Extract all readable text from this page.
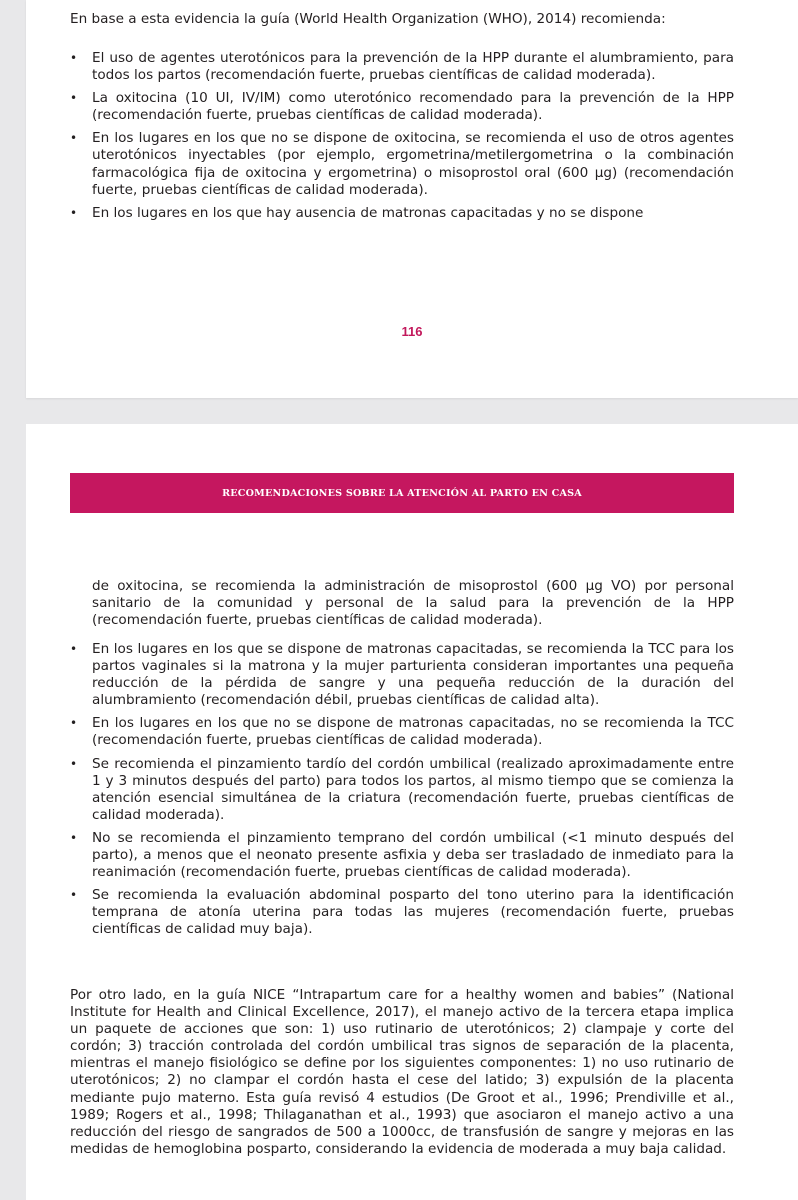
En base a esta evidencia la guía (World Health Organization (WHO), 2014) recomienda:
• El uso de agentes uterotónicos para la prevención de la HPP durante el alumbramiento, para todos los partos (recomendación fuerte, pruebas científicas de calidad moderada).
• La oxitocina (10 UI, IV/IM) como uterotónico recomendado para la prevención de la HPP (recomendación fuerte, pruebas científicas de calidad moderada).
• En los lugares en los que no se dispone de oxitocina, se recomienda el uso de otros agentes uterotónicos inyectables (por ejemplo, ergometrina/metilergometrina o la combinación farmacológica fija de oxitocina y ergometrina) o misoprostol oral (600 µg) (recomendación fuerte, pruebas científicas de calidad moderada).
• En los lugares en los que hay ausencia de matronas capacitadas y no se dispone
116
RECOMENDACIONES SOBRE LA ATENCIÓN AL PARTO EN CASA
de oxitocina, se recomienda la administración de misoprostol (600 µg VO) por personal sanitario de la comunidad y personal de la salud para la prevención de la HPP (recomendación fuerte, pruebas científicas de calidad moderada).
• En los lugares en los que se dispone de matronas capacitadas, se recomienda la TCC para los partos vaginales si la matrona y la mujer parturienta consideran importantes una pequeña reducción de la pérdida de sangre y una pequeña reducción de la duración del alumbramiento (recomendación débil, pruebas científicas de calidad alta).
• En los lugares en los que no se dispone de matronas capacitadas, no se recomienda la TCC (recomendación fuerte, pruebas científicas de calidad moderada).
• Se recomienda el pinzamiento tardío del cordón umbilical (realizado aproximadamente entre 1 y 3 minutos después del parto) para todos los partos, al mismo tiempo que se comienza la atención esencial simultánea de la criatura (recomendación fuerte, pruebas científicas de calidad moderada).
• No se recomienda el pinzamiento temprano del cordón umbilical (<1 minuto después del parto), a menos que el neonato presente asfixia y deba ser trasladado de inmediato para la reanimación (recomendación fuerte, pruebas científicas de calidad moderada).
• Se recomienda la evaluación abdominal posparto del tono uterino para la identificación temprana de atonía uterina para todas las mujeres (recomendación fuerte, pruebas científicas de calidad muy baja).
Por otro lado, en la guía NICE “Intrapartum care for a healthy women and babies” (National Institute for Health and Clinical Excellence, 2017), el manejo activo de la tercera etapa implica un paquete de acciones que son: 1) uso rutinario de uterotónicos; 2) clampaje y corte del cordón; 3) tracción controlada del cordón umbilical tras signos de separación de la placenta, mientras el manejo fisiológico se define por los siguientes componentes: 1) no uso rutinario de uterotónicos; 2) no clampar el cordón hasta el cese del latido; 3) expulsión de la placenta mediante pujo materno. Esta guía revisó 4 estudios (De Groot et al., 1996; Prendiville et al., 1989; Rogers et al., 1998; Thilaganathan et al., 1993) que asociaron el manejo activo a una reducción del riesgo de sangrados de 500 a 1000cc, de transfusión de sangre y mejoras en las medidas de hemoglobina posparto, considerando la evidencia de moderada a muy baja calidad.
